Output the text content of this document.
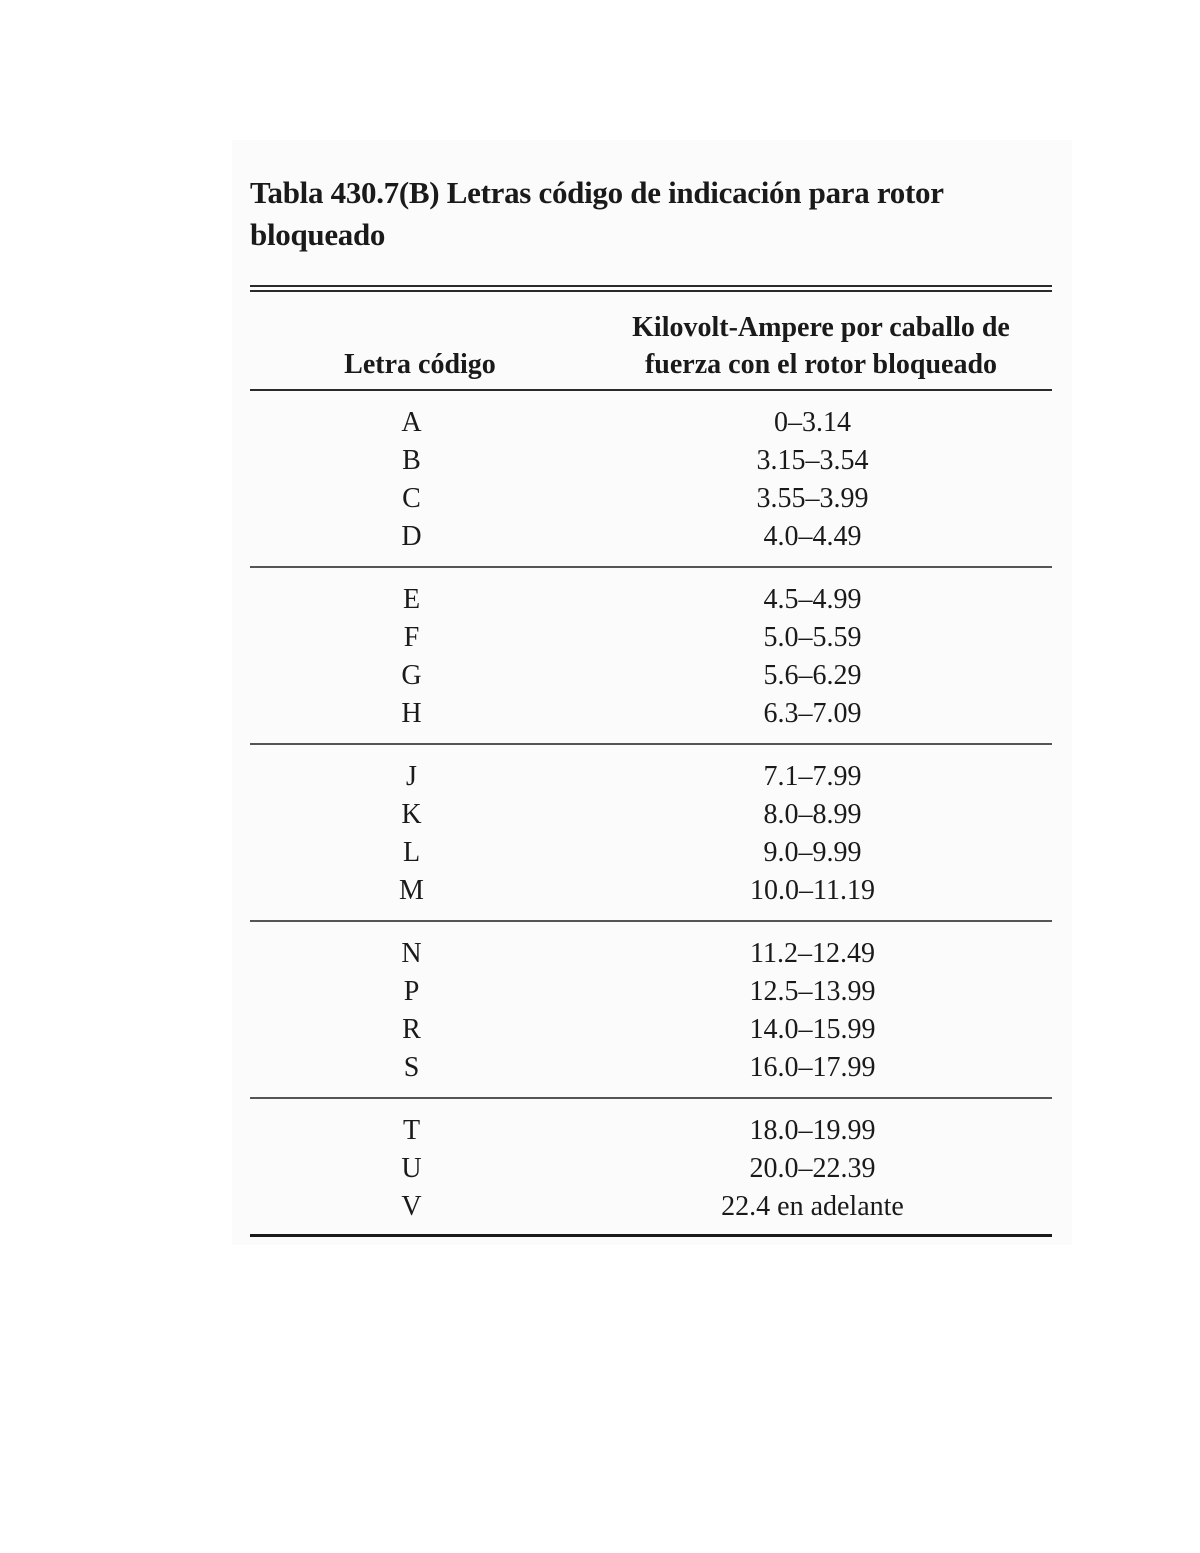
Tabla 430.7(B) Letras código de indicación para rotor bloqueado
Letra código
Kilovolt-Ampere por caballo de fuerza con el rotor bloqueado
A	0–3.14
B	3.15–3.54
C	3.55–3.99
D	4.0–4.49
E	4.5–4.99
F	5.0–5.59
G	5.6–6.29
H	6.3–7.09
J	7.1–7.99
K	8.0–8.99
L	9.0–9.99
M	10.0–11.19
N	11.2–12.49
P	12.5–13.99
R	14.0–15.99
S	16.0–17.99
T	18.0–19.99
U	20.0–22.39
V	22.4 en adelante
